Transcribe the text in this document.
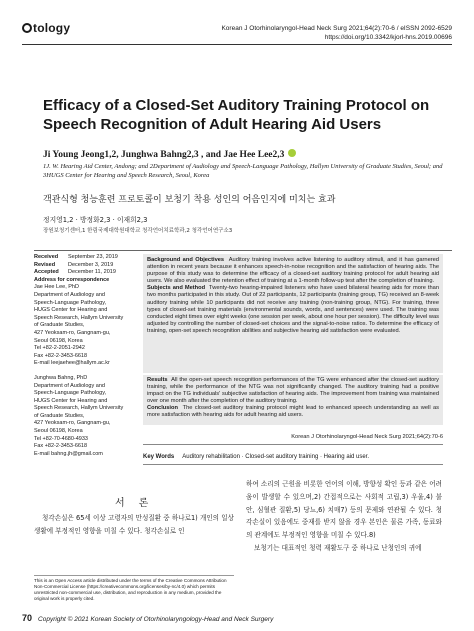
tology	Korean J Otorhinolaryngol-Head Neck Surg 2021;64(2):70-6 / eISSN 2092-6529
https://doi.org/10.3342/kjorl-hns.2019.00696
Efficacy of a Closed-Set Auditory Training Protocol on Speech Recognition of Adult Hearing Aid Users
Ji Young Jeong1,2, Junghwa Bahng2,3 , and Jae Hee Lee2,3
1J. W. Hearing Aid Center, Andong; and 2Department of Audiology and Speech-Language Pathology, Hallym University of Graduate Studies, Seoul; and 3HUGS Center for Hearing and Speech Research, Seoul, Korea
객관식형 청능훈련 프로토콜이 보청기 착용 성인의 어음인지에 미치는 효과
정지영1,2 · 방정화2,3 · 이재희2,3
장원보청기센터,1 한림국제대학원대학교 청각언어치료학과,2 청각언어연구소3
Received	September 23, 2019
Revised	December 3, 2019
Accepted	December 11, 2019
Address for correspondence
Jae Hee Lee, PhD
Department of Audiology and
Speech-Language Pathology,
HUGS Center for Hearing and
Speech Research, Hallym University
of Graduate Studies,
427 Yeoksam-ro, Gangnam-gu,
Seoul 06198, Korea
Tel +82-2-2051-2942
Fax +82-2-3453-6618
E-mail leejaehee@hallym.ac.kr
Junghwa Bahng, PhD
Department of Audiology and
Speech-Language Pathology,
HUGS Center for Hearing and
Speech Research, Hallym University
of Graduate Studies,
427 Yeoksam-ro, Gangnam-gu,
Seoul 06198, Korea
Tel +82-70-4680-4933
Fax +82-2-3453-6618
E-mail bahng.jh@gmail.com
Background and Objectives Auditory training involves active listening to auditory stimuli, and it has garnered attention in recent years because it enhances speech-in-noise recognition and the satisfaction of hearing aids. The purpose of this study was to determine the efficacy of a closed-set auditory training protocol for adult hearing aid users. We also evaluated the retention effect of training at a 1-month follow-up test after the completion of training.
Subjects and Method Twenty-two hearing-impaired listeners who have used bilateral hearing aids for more than two months participated in this study. Out of 22 participants, 12 participants (training group, TG) received an 8-week auditory training while 10 participants did not receive any training (non-training group, NTG). For training, three types of closed-set training materials (environmental sounds, words, and sentences) were used. The training was conducted eight times over eight weeks (one session per week, about one hour per session). The difficulty level was adjusted by controlling the number of closed-set choices and the signal-to-noise ratios. To determine the efficacy of training, open-set speech recognition abilities and subjective hearing aid satisfaction were evaluated.
Results All the open-set speech recognition performances of the TG were enhanced after the closed-set auditory training, while the performance of the NTG was not significantly changed. The auditory training had a positive impact on the TG individuals' subjective satisfaction of hearing aids. The improvement from training was maintained over one month after the completion of the auditory training.
Conclusion The closed-set auditory training protocol might lead to enhanced speech understanding as well as more satisfaction with hearing aids for adult hearing aid users.
Korean J Otorhinolaryngol-Head Neck Surg 2021;64(2):70-6
Key Words Auditory rehabilitation · Closed-set auditory training · Hearing aid user.
서론
청각손실은 65세 이상 고령자의 만성질환 중 하나로1) 개인의 일상생활에 부정적인 영향을 미칠 수 있다. 청각손실로 인

하여 소리의 근원을 비롯한 언어의 이해, 방향성 확인 등과 같은 어려움이 발생할 수 있으며,2) 간접적으로는 사회적 고립,3) 우울,4) 불안, 심혈관 질환,5) 당뇨,6) 치매7) 등의 문제와 연관될 수 있다. 청각손실이 있음에도 중재를 받지 않을 경우 본인은 물론 가족, 동료와의 관계에도 부정적인 영향을 미칠 수 있다.8)

보청기는 대표적인 청력 재활도구 중 하나로 난청인의 귀에

This is an Open Access article distributed under the terms of the Creative Commons Attribution Non-Commercial License (https://creativecommons.org/licenses/by-nc/4.0) which permits unrestricted non-commercial use, distribution, and reproduction in any medium, provided the original work is properly cited.
70 Copyright © 2021 Korean Society of Otorhinolaryngology-Head and Neck Surgery
